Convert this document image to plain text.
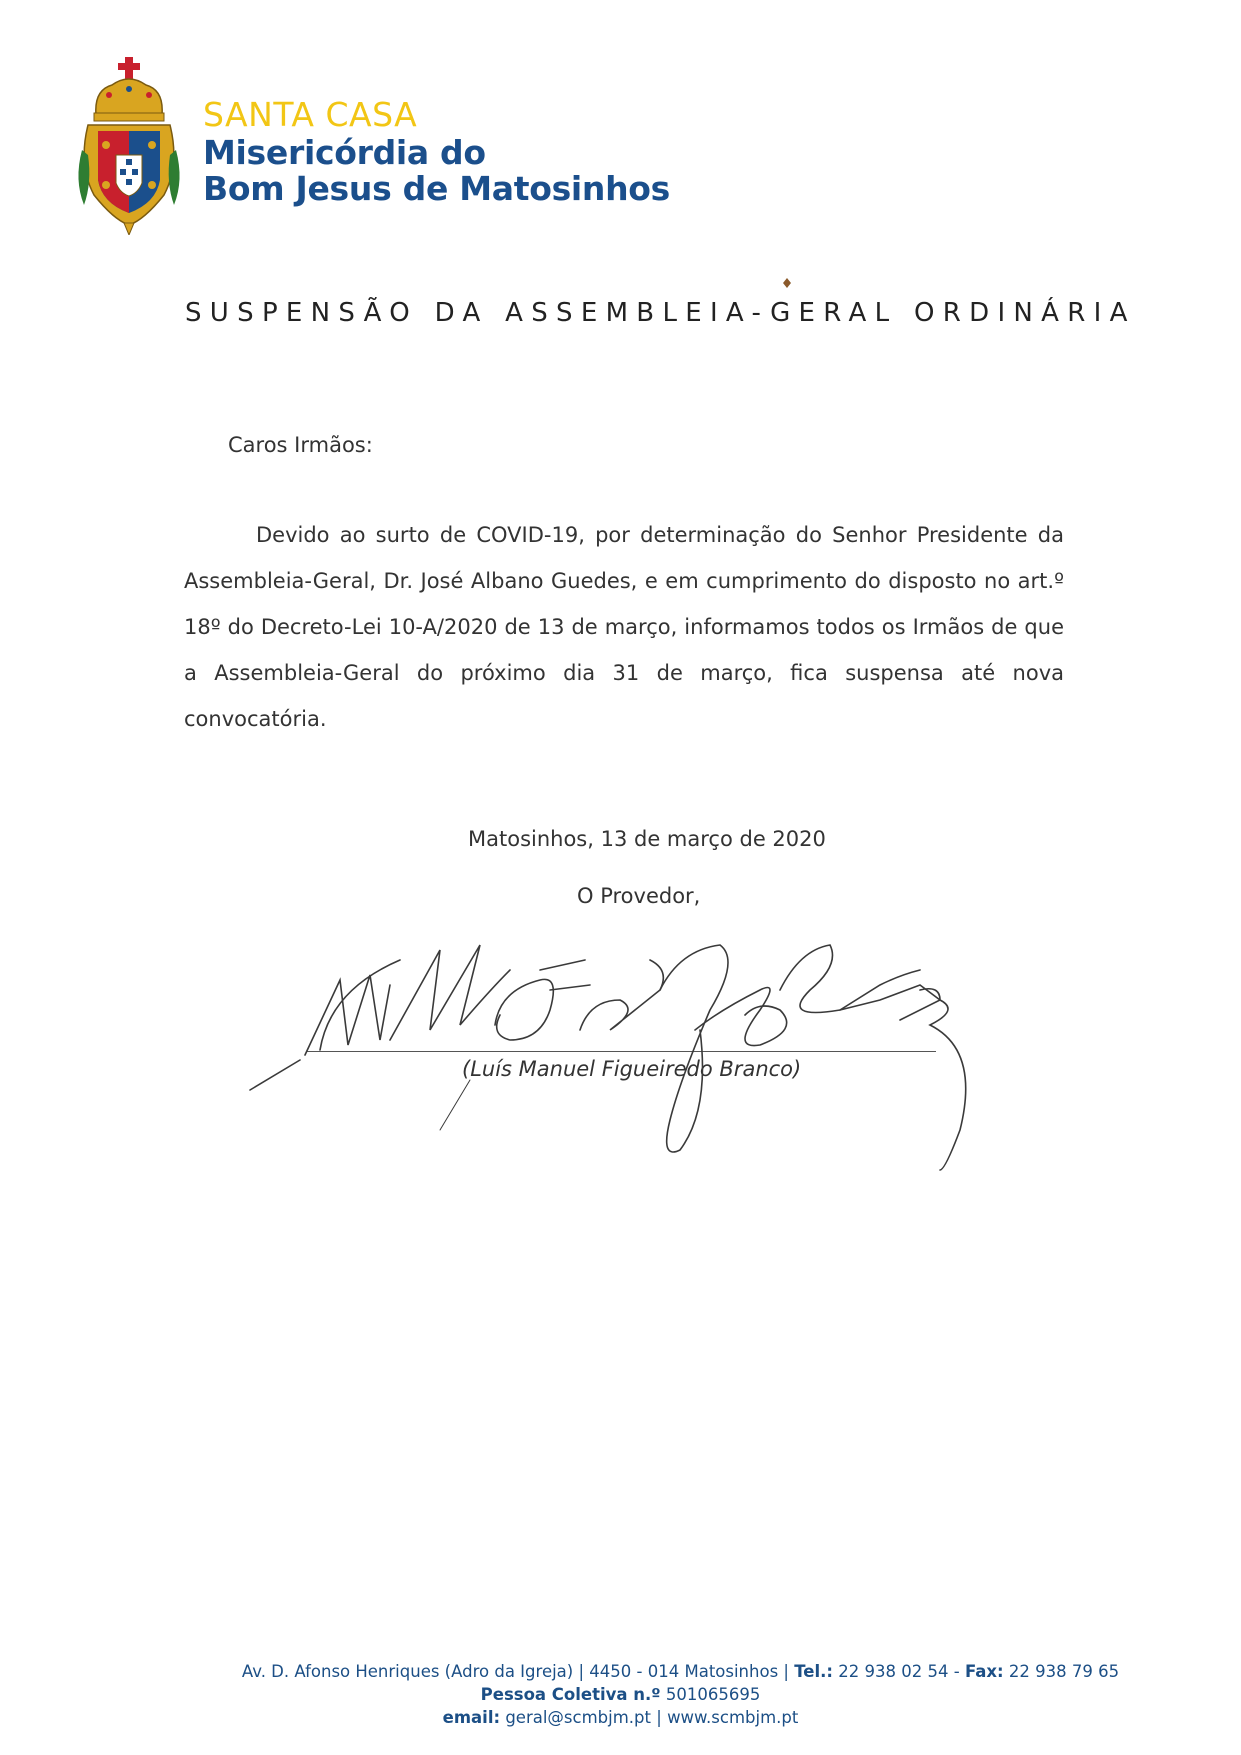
SANTA CASA
Misericórdia do
Bom Jesus de Matosinhos
SUSPENSÃO DA ASSEMBLEIA-GERAL ORDINÁRIA
Caros Irmãos:
Devido ao surto de COVID-19, por determinação do Senhor Presidente da Assembleia-Geral, Dr. José Albano Guedes, e em cumprimento do disposto no art.º 18º do Decreto-Lei 10-A/2020 de 13 de março, informamos todos os Irmãos de que a Assembleia-Geral do próximo dia 31 de março, fica suspensa até nova convocatória.
Matosinhos, 13 de março de 2020
O Provedor,
(Luís Manuel Figueiredo Branco)
Av. D. Afonso Henriques (Adro da Igreja) | 4450 - 014 Matosinhos | Tel.: 22 938 02 54 - Fax: 22 938 79 65
Pessoa Coletiva n.º 501065695
email: geral@scmbjm.pt | www.scmbjm.pt
